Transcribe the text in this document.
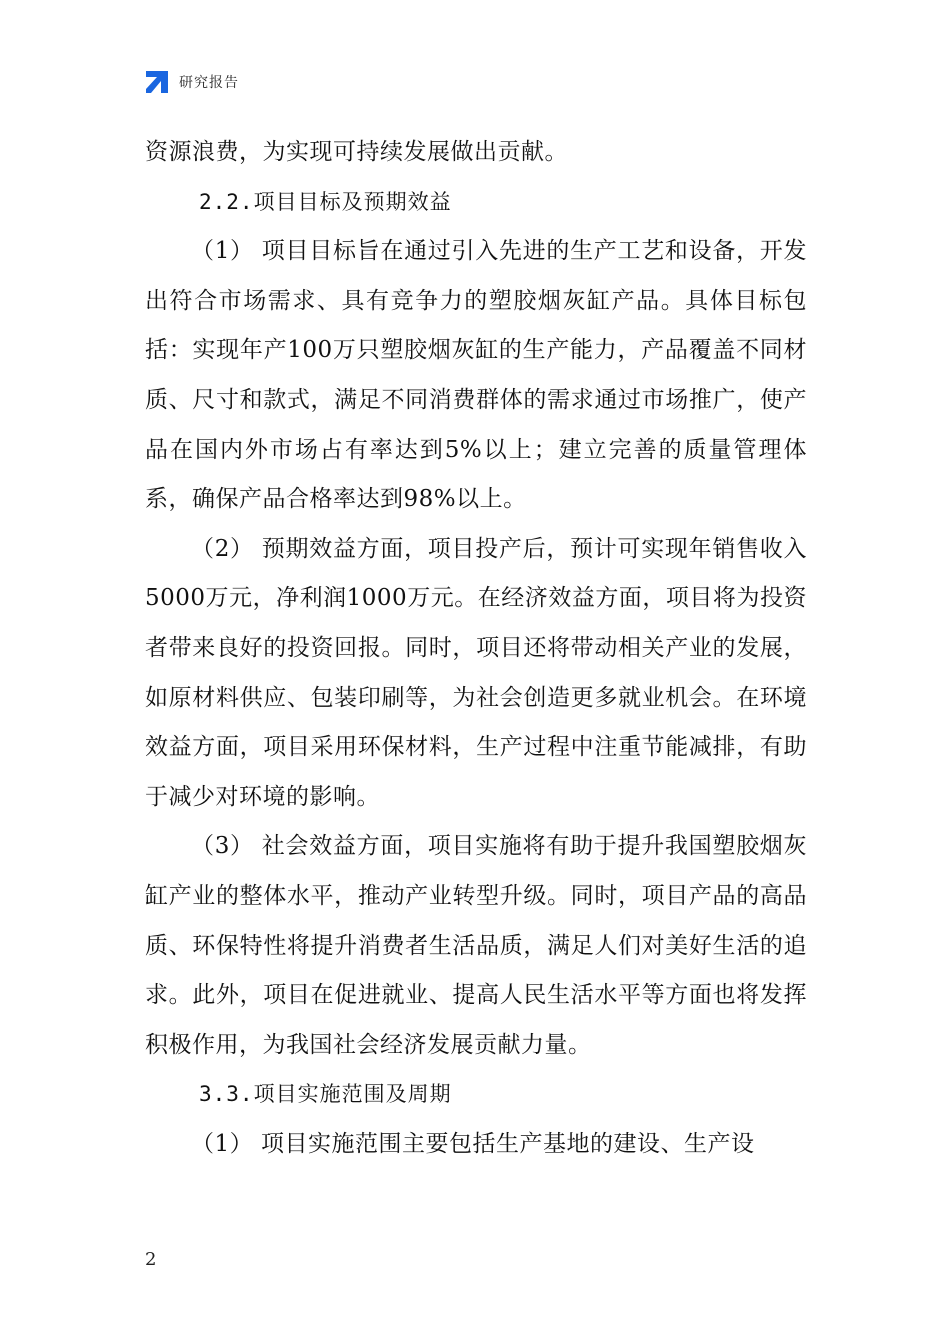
研究报告

资源浪费，为实现可持续发展做出贡献。

2.2.项目目标及预期效益

（1） 项目目标旨在通过引入先进的生产工艺和设备，开发出符合市场需求、具有竞争力的塑胶烟灰缸产品。具体目标包括：实现年产100万只塑胶烟灰缸的生产能力，产品覆盖不同材质、尺寸和款式，满足不同消费群体的需求通过市场推广，使产品在国内外市场占有率达到5%以上；建立完善的质量管理体系，确保产品合格率达到98%以上。

（2） 预期效益方面，项目投产后，预计可实现年销售收入5000万元，净利润1000万元。在经济效益方面，项目将为投资者带来良好的投资回报。同时，项目还将带动相关产业的发展，如原材料供应、包装印刷等，为社会创造更多就业机会。在环境效益方面，项目采用环保材料，生产过程中注重节能减排，有助于减少对环境的影响。

（3） 社会效益方面，项目实施将有助于提升我国塑胶烟灰缸产业的整体水平，推动产业转型升级。同时，项目产品的高品质、环保特性将提升消费者生活品质，满足人们对美好生活的追求。此外，项目在促进就业、提高人民生活水平等方面也将发挥积极作用，为我国社会经济发展贡献力量。

3.3.项目实施范围及周期

（1） 项目实施范围主要包括生产基地的建设、生产设

2
